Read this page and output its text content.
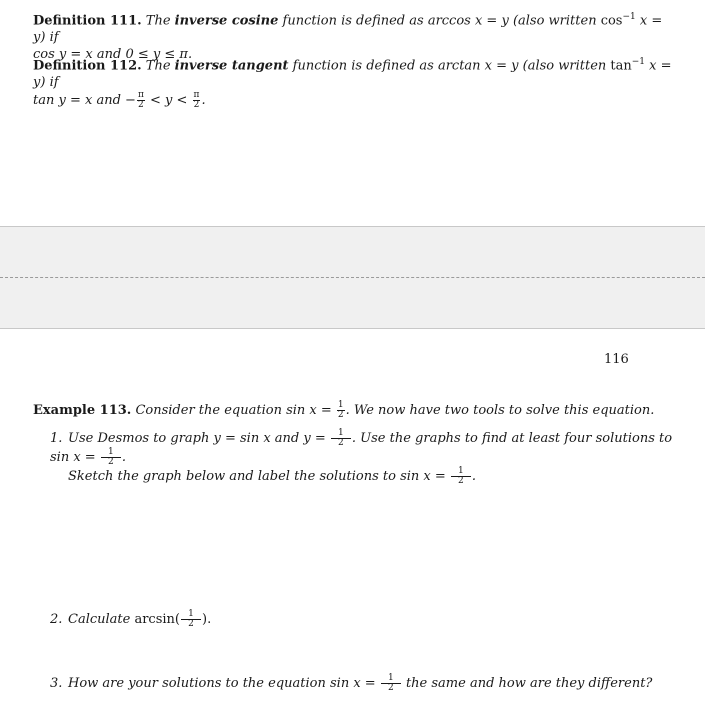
Definition 111. The inverse cosine function is defined as arccos x = y (also written $\cos^{-1} x = y$) if
cos y = x and 0 ≤ y ≤ π.
Definition 112. The inverse tangent function is defined as arctan x = y (also written $\tan^{-1} x = y$) if
tan y = x and − $\frac{\pi}{2} < y < \frac{\pi}{2}$ .
116
Example 113. Consider the equation $\sin x = \frac{1}{2}$ . We now have two tools to solve this equation.
1. Use Desmos to graph y = sin x and $y = \frac{1}{2}$ . Use the graphs to find at least four solutions to $\sin x = \frac{1}{2}$ .
Sketch the graph below and label the solutions to $\sin x = \frac{1}{2}$ .
2. Calculate $\arcsin(\frac{1}{2}$ ).
3. How are your solutions to the equation $\sin x = \frac{1}{2}$ the same and how are they different?
